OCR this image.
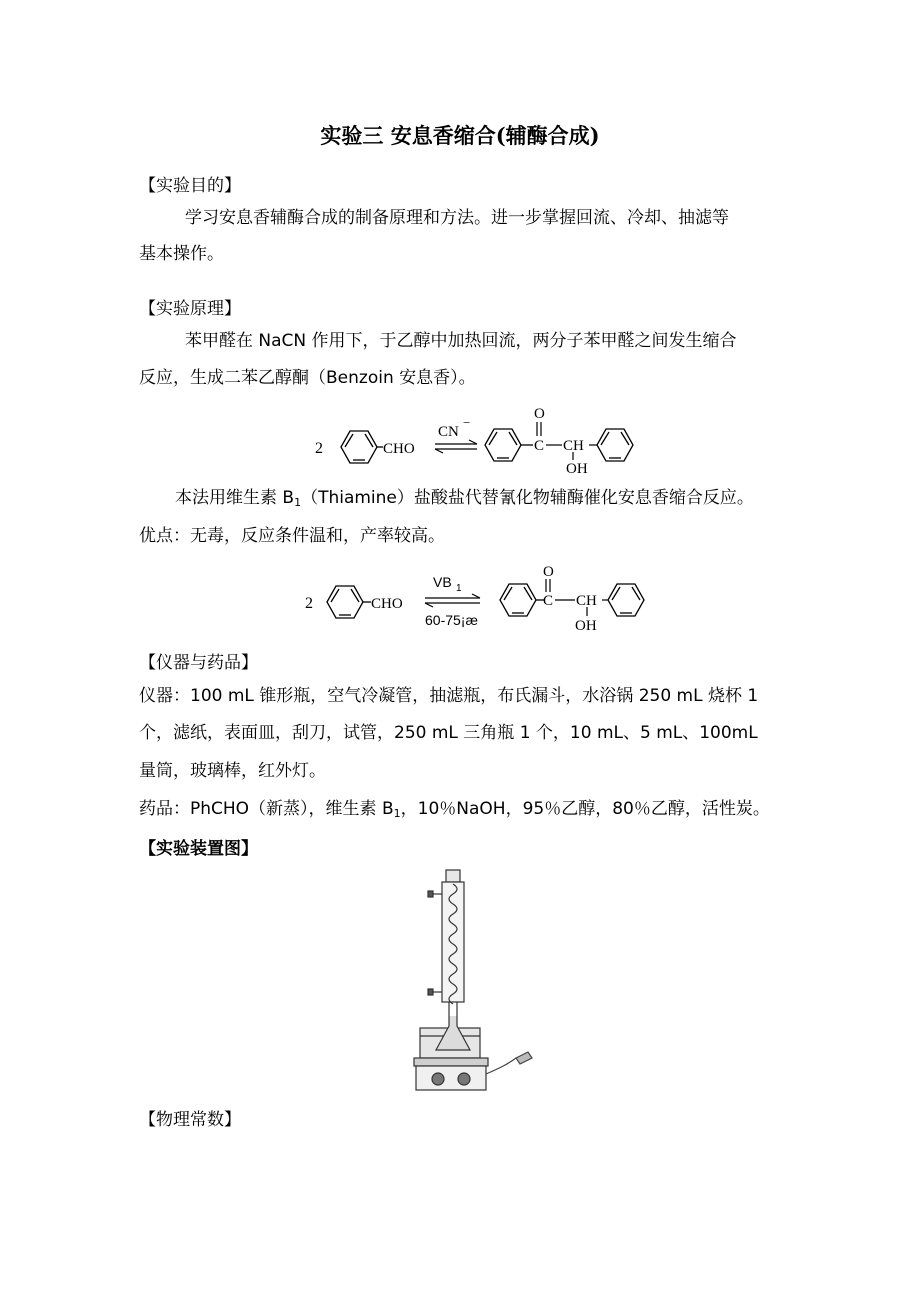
实验三 安息香缩合(辅酶合成)
【实验目的】
学习安息香辅酶合成的制备原理和方法。进一步掌握回流、冷却、抽滤等
基本操作。
【实验原理】
苯甲醛在 NaCN 作用下，于乙醇中加热回流，两分子苯甲醛之间发生缩合
反应，生成二苯乙醇酮（Benzoin 安息香）。
2	CHO
CN
−
O
C CH
OH
本法用维生素 $B_1(Thiamine)$盐酸盐代替氰化物辅酶催化安息香缩合反应。
优点：无毒，反应条件温和，产率较高。
2	CHO
VB 1
60-75¡æ
O
C CH
OH
【仪器与药品】
仪器：100 mL 锥形瓶，空气冷凝管，抽滤瓶，布氏漏斗，水浴锅 250 mL 烧杯 1
个，滤纸，表面皿，刮刀，试管，250 mL 三角瓶 1 个，10 mL、5 mL、100mL
量筒，玻璃棒，红外灯。
药品：PhCHO（新蒸），维生素 $B_1$，10％NaOH，95％乙醇，80％乙醇，活性炭。
【实验装置图】
【物理常数】
